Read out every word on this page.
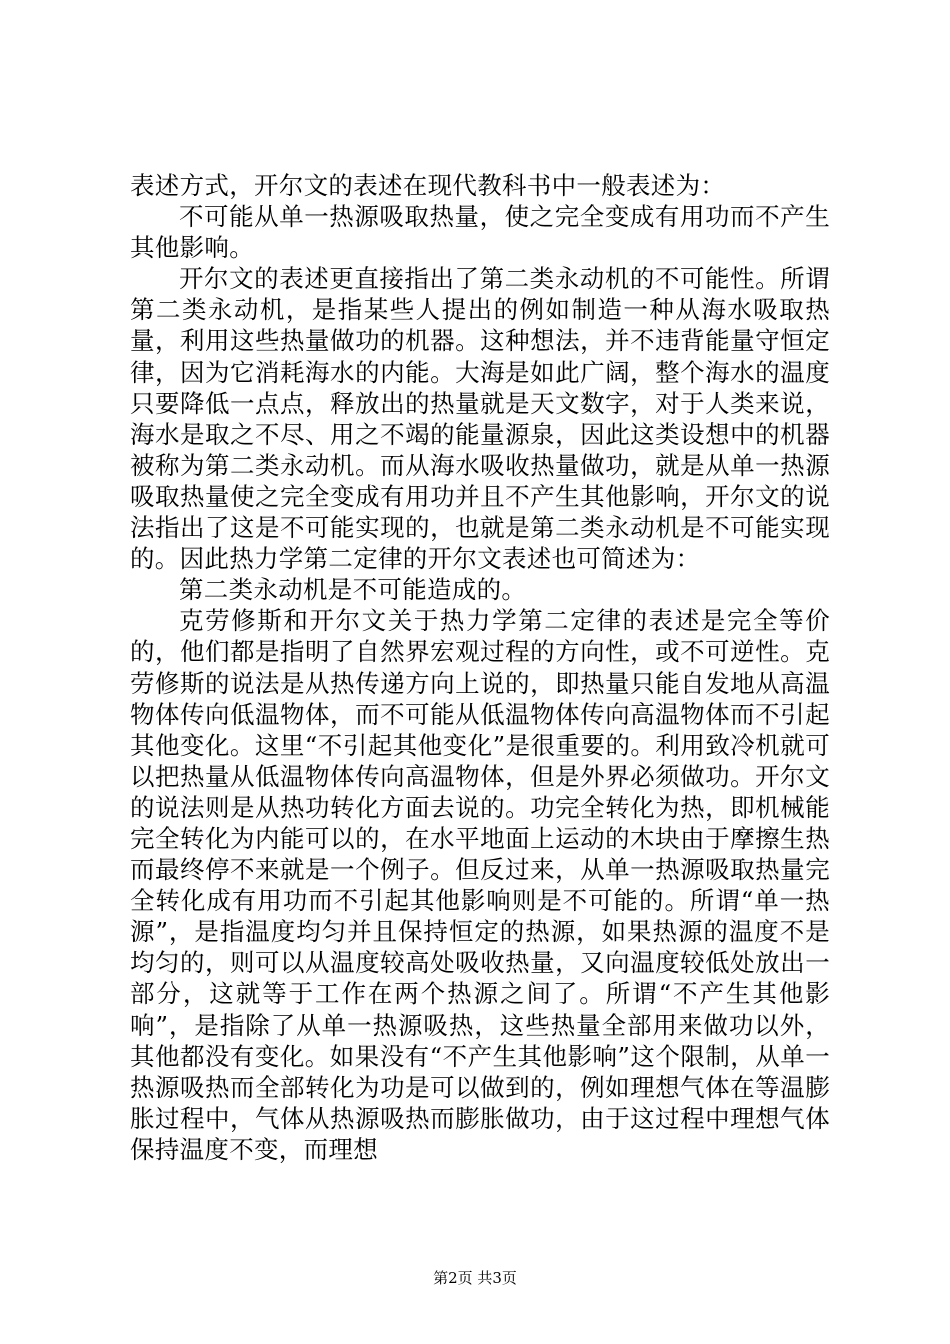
表述方式，开尔文的表述在现代教科书中一般表述为：

不可能从单一热源吸取热量，使之完全变成有用功而不产生其他影响。

开尔文的表述更直接指出了第二类永动机的不可能性。所谓第二类永动机，是指某些人提出的例如制造一种从海水吸取热量，利用这些热量做功的机器。这种想法，并不违背能量守恒定律，因为它消耗海水的内能。大海是如此广阔，整个海水的温度只要降低一点点，释放出的热量就是天文数字，对于人类来说，海水是取之不尽、用之不竭的能量源泉，因此这类设想中的机器被称为第二类永动机。而从海水吸收热量做功，就是从单一热源吸取热量使之完全变成有用功并且不产生其他影响，开尔文的说法指出了这是不可能实现的，也就是第二类永动机是不可能实现的。因此热力学第二定律的开尔文表述也可简述为：

第二类永动机是不可能造成的。

克劳修斯和开尔文关于热力学第二定律的表述是完全等价的，他们都是指明了自然界宏观过程的方向性，或不可逆性。克劳修斯的说法是从热传递方向上说的，即热量只能自发地从高温物体传向低温物体，而不可能从低温物体传向高温物体而不引起其他变化。这里“不引起其他变化”是很重要的。利用致冷机就可以把热量从低温物体传向高温物体，但是外界必须做功。开尔文的说法则是从热功转化方面去说的。功完全转化为热，即机械能完全转化为内能可以的，在水平地面上运动的木块由于摩擦生热而最终停不来就是一个例子。但反过来，从单一热源吸取热量完全转化成有用功而不引起其他影响则是不可能的。所谓“单一热源”，是指温度均匀并且保持恒定的热源，如果热源的温度不是均匀的，则可以从温度较高处吸收热量，又向温度较低处放出一部分，这就等于工作在两个热源之间了。所谓“不产生其他影响”，是指除了从单一热源吸热，这些热量全部用来做功以外，其他都没有变化。如果没有“不产生其他影响”这个限制，从单一热源吸热而全部转化为功是可以做到的，例如理想气体在等温膨胀过程中，气体从热源吸热而膨胀做功，由于这过程中理想气体保持温度不变，而理想

第2页 共3页
